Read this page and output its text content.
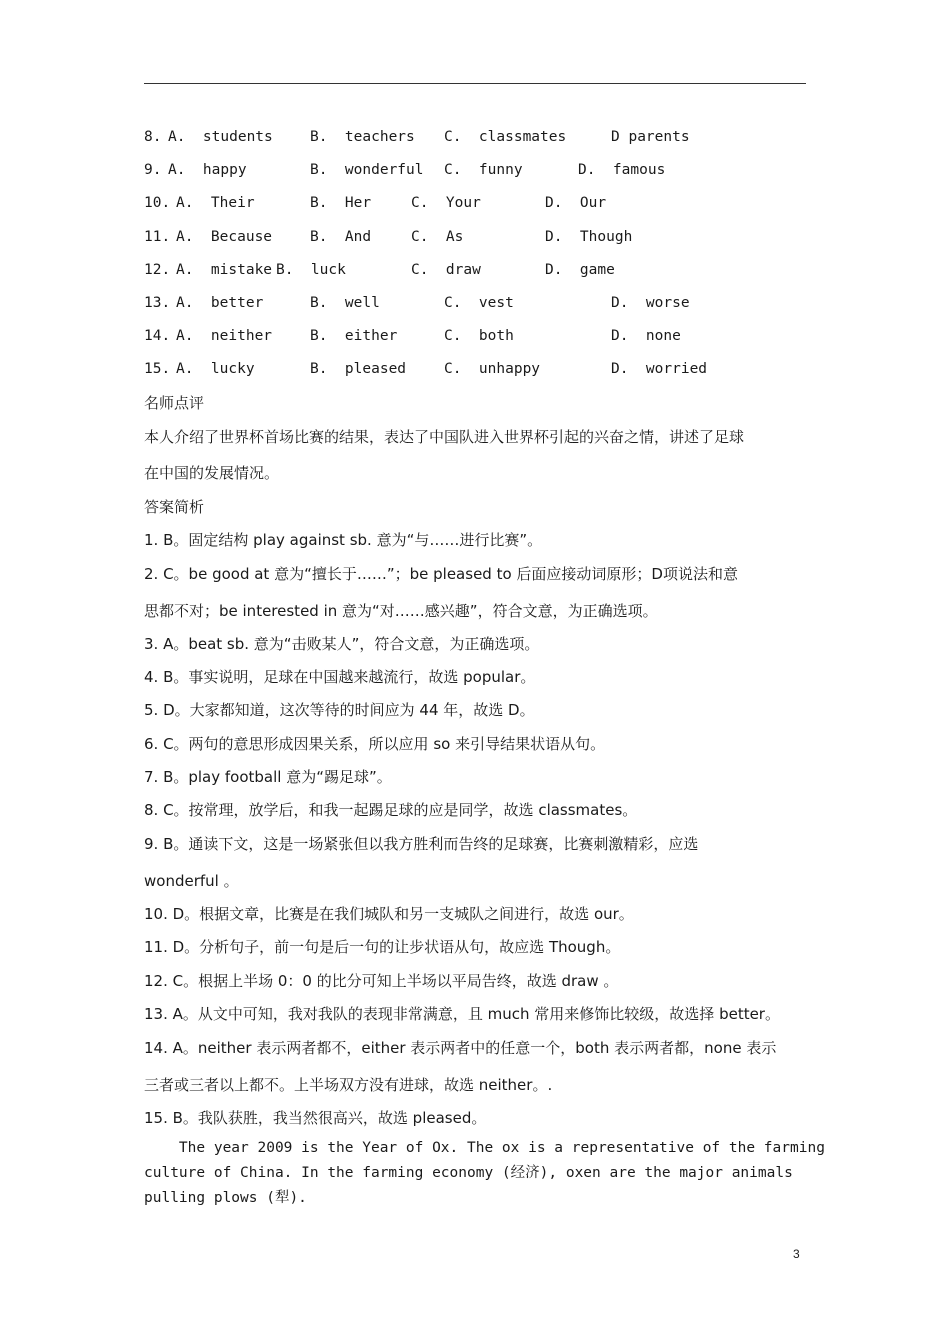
8.

A.  students

	B.  teachers

C.  classmates

	D parents

9.

A.  happy

	B.  wonderful

C.  funny

	D.  famous

10.

A.  Their

	B.  Her

	C.  Your

	D.  Our

11.

A.  Because

	B.  And

	C.  As

	D.  Though

12.

A.  mistake

B.  luck

	C.  draw

	D.  game

13.

A.  better

	B.  well

	C.  vest

	D.  worse

14.

A.  neither

	B.  either

	C.  both

	D.  none

15.

A.  lucky

	B.  pleased

	C.  unhappy

	D.  worried

名师点评
本人介绍了世界杯首场比赛的结果，表达了中国队进入世界杯引起的兴奋之情，讲述了足球
在中国的发展情况。
答案简析
1. B。固定结构 play against sb. 意为“与……进行比赛”。
2. C。be good at 意为“擅长于……”；be pleased to 后面应接动词原形；D项说法和意
思都不对；be interested in 意为“对……感兴趣”，符合文意，为正确选项。
3. A。beat sb. 意为“击败某人”，符合文意，为正确选项。
4. B。事实说明，足球在中国越来越流行，故选 popular。
5. D。大家都知道，这次等待的时间应为 44 年，故选 D。
6. C。两句的意思形成因果关系，所以应用 so 来引导结果状语从句。
7. B。play football 意为“踢足球”。
8. C。按常理，放学后，和我一起踢足球的应是同学，故选 classmates。
9. B。通读下文，这是一场紧张但以我方胜利而告终的足球赛，比赛刺激精彩，应选
wonderful 。
10. D。根据文章，比赛是在我们城队和另一支城队之间进行，故选 our。
11. D。分析句子，前一句是后一句的让步状语从句，故应选 Though。
12. C。根据上半场 0：0 的比分可知上半场以平局告终，故选 draw 。
13. A。从文中可知，我对我队的表现非常满意，且 much 常用来修饰比较级，故选择 better。
14. A。neither 表示两者都不，either 表示两者中的任意一个，both 表示两者都，none 表示
三者或三者以上都不。上半场双方没有进球，故选 neither。.
15. B。我队获胜，我当然很高兴，故选 pleased。
The year 2009 is the Year of Ox. The ox is a representative of the farming
culture of China. In the farming economy (经济), oxen are the major animals
pulling plows (犁).
3
